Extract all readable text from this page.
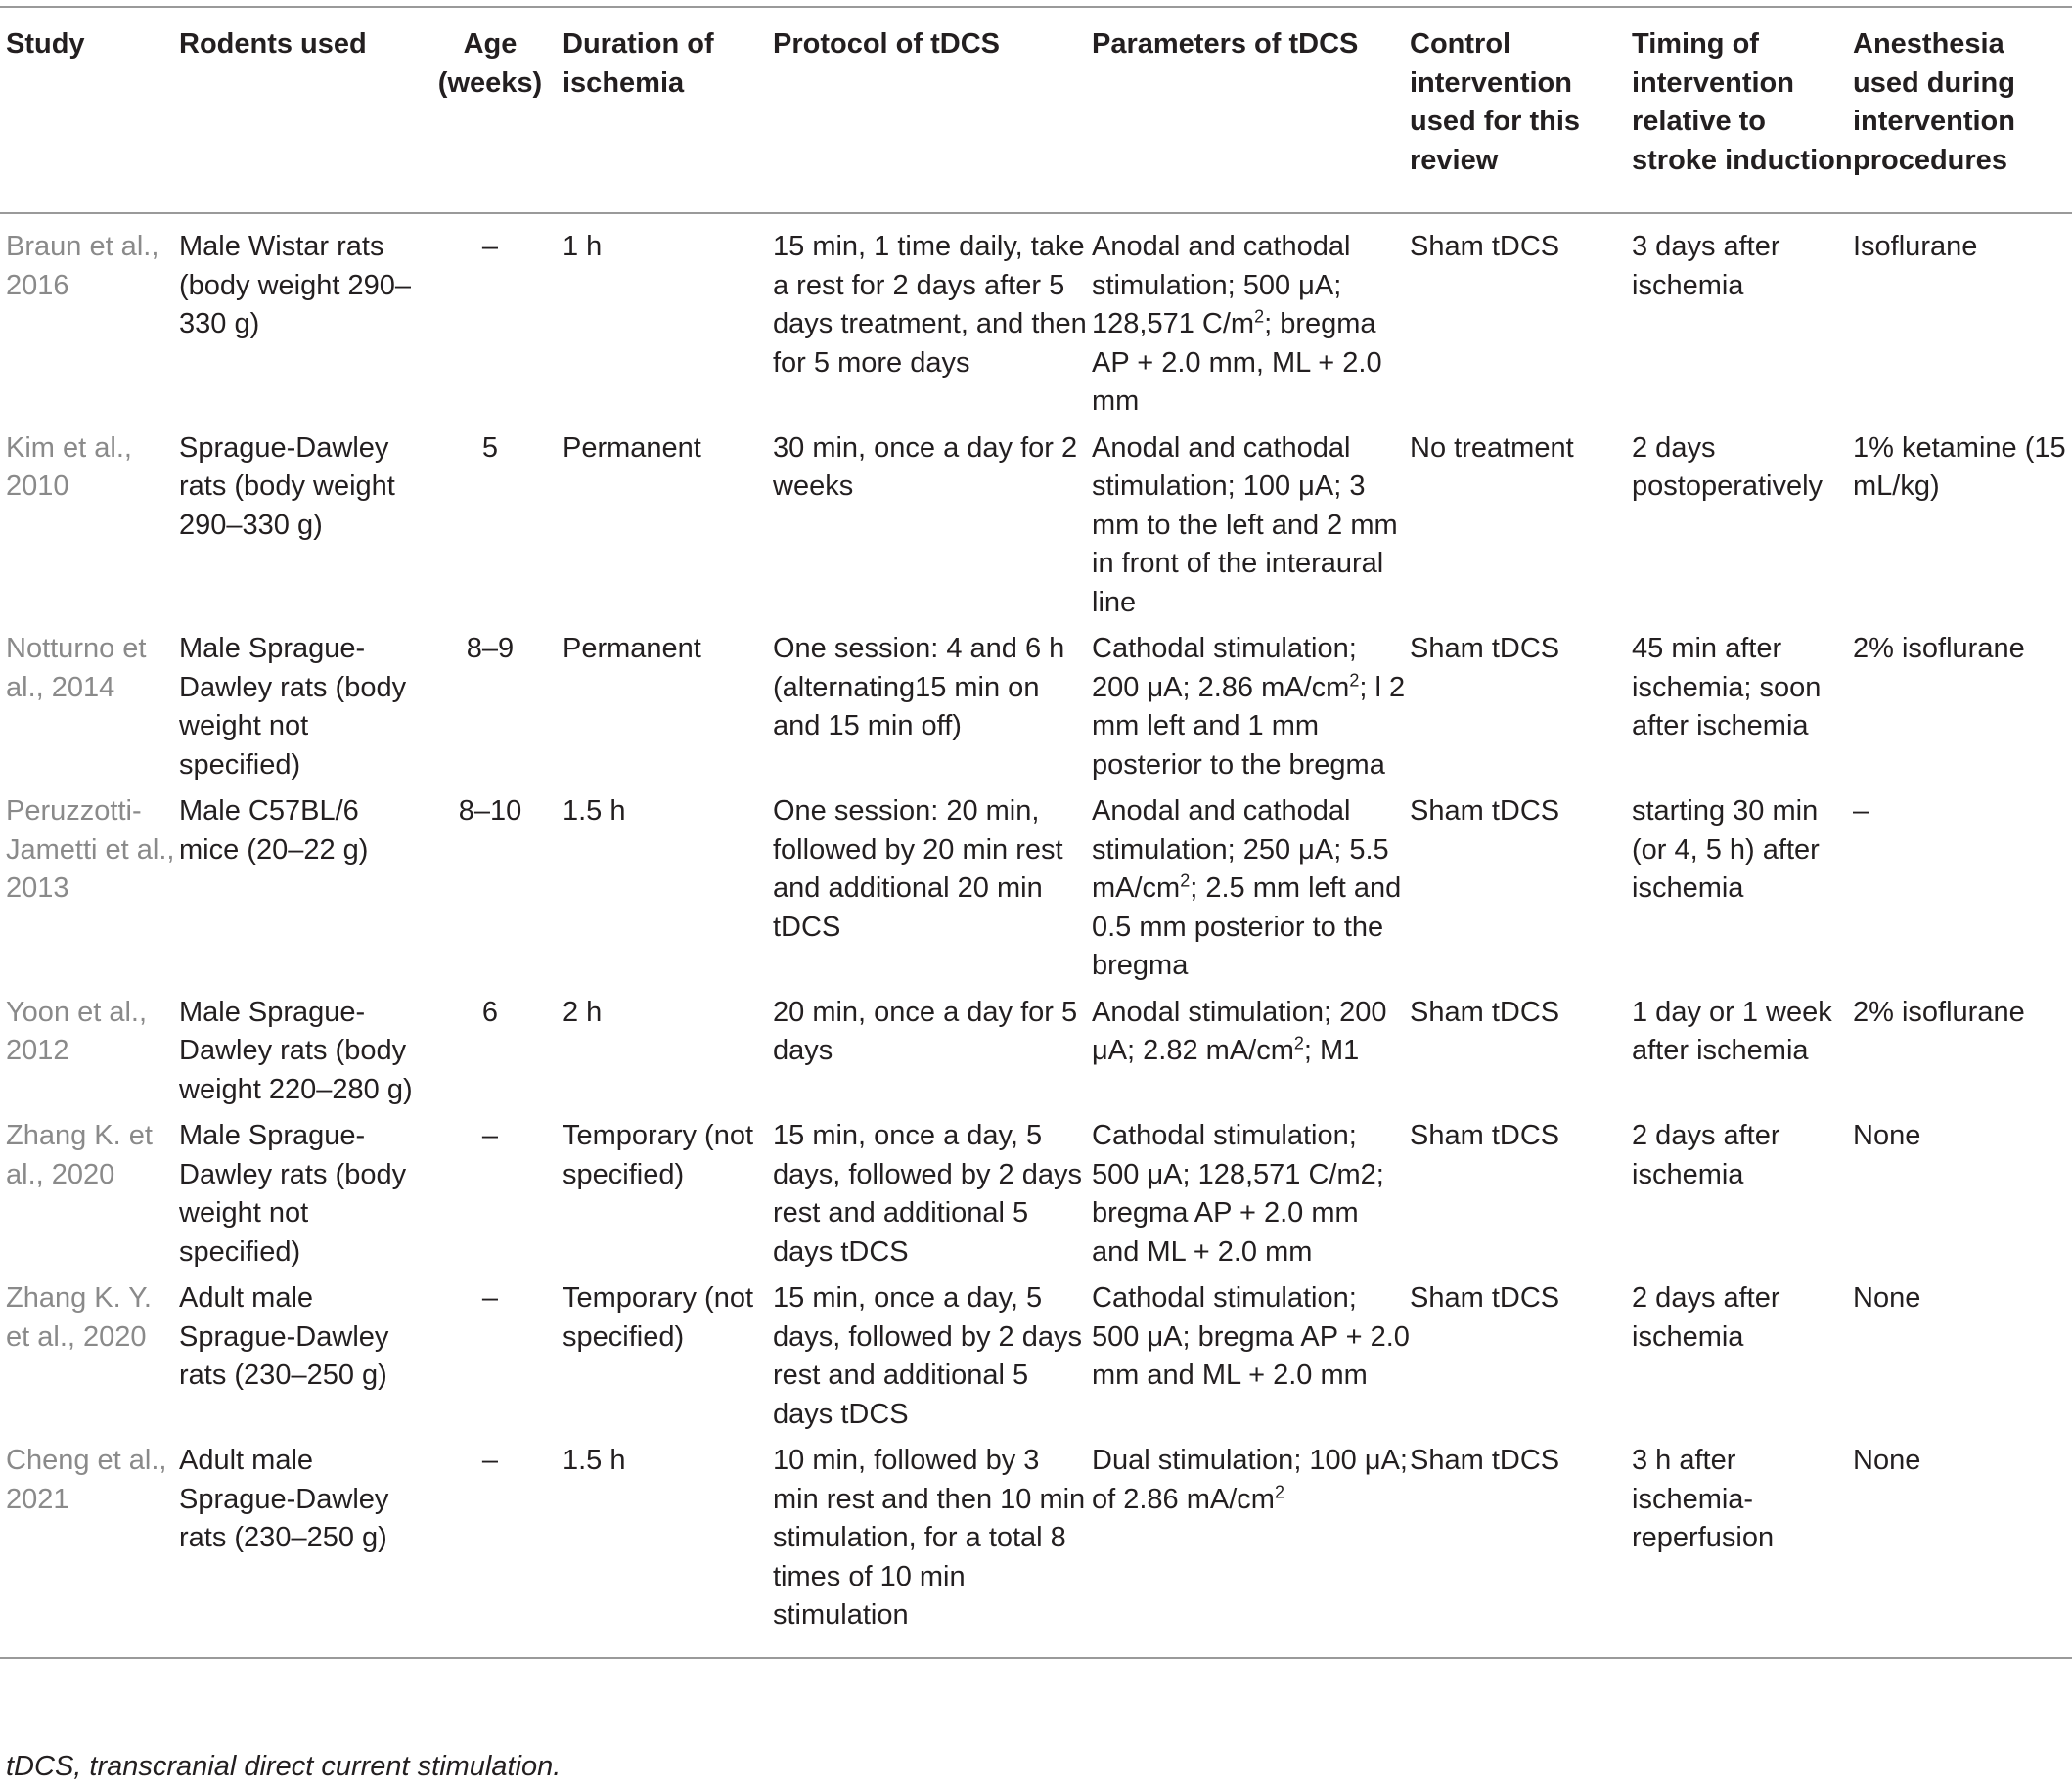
Study	Rodents used	Age (weeks)	Duration of ischemia	Protocol of tDCS	Parameters of tDCS	Control intervention used for this review	Timing of intervention relative to stroke induction	Anesthesia used during intervention procedures
Braun et al., 2016	Male Wistar rats (body weight 290–330 g)	–	1 h	15 min, 1 time daily, take a rest for 2 days after 5 days treatment, and then for 5 more days	Anodal and cathodal stimulation; 500 μA; 128,571 $C/m^2$; bregma AP + 2.0 mm, ML + 2.0 mm	Sham tDCS	3 days after ischemia	Isoflurane
Kim et al., 2010	Sprague-Dawley rats (body weight 290–330 g)	5	Permanent	30 min, once a day for 2 weeks	Anodal and cathodal stimulation; 100 μA; 3 mm to the left and 2 mm in front of the interaural line	No treatment	2 days postoperatively	1% ketamine (15 mL/kg)
Notturno et al., 2014	Male Sprague-Dawley rats (body weight not specified)	8–9	Permanent	One session: 4 and 6 h (alternating15 min on and 15 min off)	Cathodal stimulation; 200 μA; 2.86 $mA/cm^2$; l 2 mm left and 1 mm posterior to the bregma	Sham tDCS	45 min after ischemia; soon after ischemia	2% isoflurane
Peruzzotti-Jametti et al., 2013	Male C57BL/6 mice (20–22 g)	8–10	1.5 h	One session: 20 min, followed by 20 min rest and additional 20 min tDCS	Anodal and cathodal stimulation; 250 μA; 5.5 $mA/cm^2$; 2.5 mm left and 0.5 mm posterior to the bregma	Sham tDCS	starting 30 min (or 4, 5 h) after ischemia	–
Yoon et al., 2012	Male Sprague-Dawley rats (body weight 220–280 g)	6	2 h	20 min, once a day for 5 days	Anodal stimulation; 200 μA; 2.82 $mA/cm^2$; M1	Sham tDCS	1 day or 1 week after ischemia	2% isoflurane
Zhang K. et al., 2020	Male Sprague-Dawley rats (body weight not specified)	–	Temporary (not specified)	15 min, once a day, 5 days, followed by 2 days rest and additional 5 days tDCS	Cathodal stimulation; 500 μA; 128,571 C/m2; bregma AP + 2.0 mm and ML + 2.0 mm	Sham tDCS	2 days after ischemia	None
Zhang K. Y. et al., 2020	Adult male Sprague-Dawley rats (230–250 g)	–	Temporary (not specified)	15 min, once a day, 5 days, followed by 2 days rest and additional 5 days tDCS	Cathodal stimulation; 500 μA; bregma AP + 2.0 mm and ML + 2.0 mm	Sham tDCS	2 days after ischemia	None
Cheng et al., 2021	Adult male Sprague-Dawley rats (230–250 g)	–	1.5 h	10 min, followed by 3 min rest and then 10 min stimulation, for a total 8 times of 10 min stimulation	Dual stimulation; 100 μA; of 2.86 $mA/cm^2$	Sham tDCS	3 h after ischemia-reperfusion	None
tDCS, transcranial direct current stimulation.
